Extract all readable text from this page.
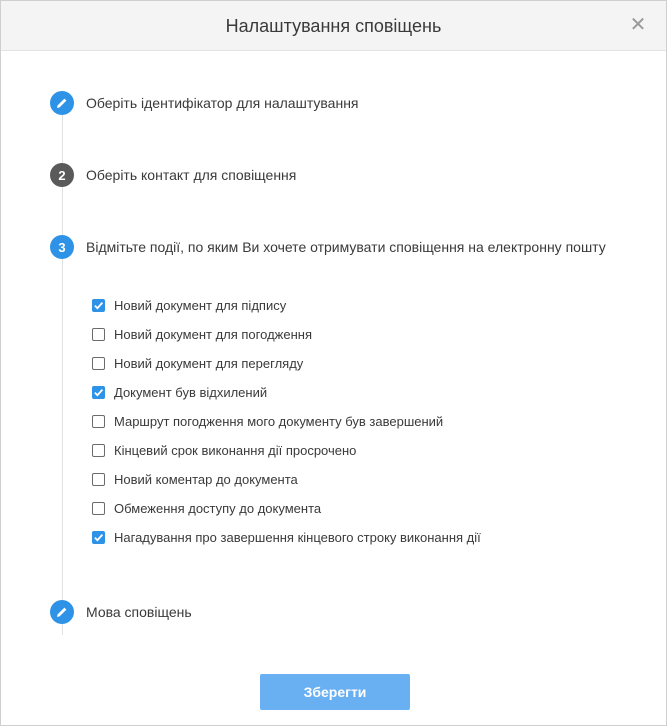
Налаштування сповіщень	✕
Оберіть ідентифікатор для налаштування
2	Оберіть контакт для сповіщення
3	Відмітьте події, по яким Ви хочете отримувати сповіщення на електронну пошту
Новий документ для підпису
Новий документ для погодження
Новий документ для перегляду
Документ був відхилений
Маршрут погодження мого документу був завершений
Кінцевий срок виконання дії просрочено
Новий коментар до документа
Обмеження доступу до документа
Нагадування про завершення кінцевого строку виконання дії
Мова сповіщень
Зберегти
